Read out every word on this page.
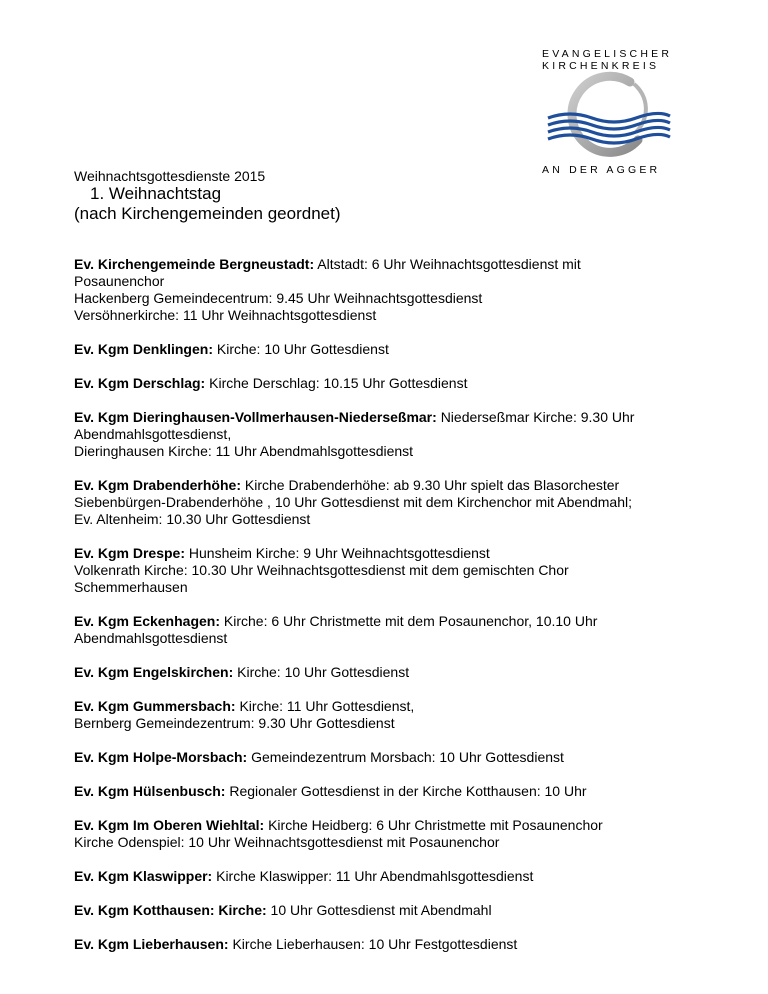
EVANGELISCHER
KIRCHENKREIS
AN DER AGGER
Weihnachtsgottesdienste 2015
1. Weihnachtstag
(nach Kirchengemeinden geordnet)
Ev. Kirchengemeinde Bergneustadt: Altstadt: 6 Uhr Weihnachtsgottesdienst mit
Posaunenchor
Hackenberg Gemeindecentrum: 9.45 Uhr Weihnachtsgottesdienst
Versöhnerkirche: 11 Uhr Weihnachtsgottesdienst
Ev. Kgm Denklingen: Kirche: 10 Uhr Gottesdienst
Ev. Kgm Derschlag: Kirche Derschlag: 10.15 Uhr Gottesdienst
Ev. Kgm Dieringhausen-Vollmerhausen-Niederseßmar: Niederseßmar Kirche: 9.30 Uhr
Abendmahlsgottesdienst,
Dieringhausen Kirche: 11 Uhr Abendmahlsgottesdienst
Ev. Kgm Drabenderhöhe: Kirche Drabenderhöhe: ab 9.30 Uhr spielt das Blasorchester
Siebenbürgen-Drabenderhöhe , 10 Uhr Gottesdienst mit dem Kirchenchor mit Abendmahl;
Ev. Altenheim: 10.30 Uhr Gottesdienst
Ev. Kgm Drespe: Hunsheim Kirche: 9 Uhr Weihnachtsgottesdienst
Volkenrath Kirche: 10.30 Uhr Weihnachtsgottesdienst mit dem gemischten Chor
Schemmerhausen
Ev. Kgm Eckenhagen: Kirche: 6 Uhr Christmette mit dem Posaunenchor, 10.10 Uhr
Abendmahlsgottesdienst
Ev. Kgm Engelskirchen: Kirche: 10 Uhr Gottesdienst
Ev. Kgm Gummersbach: Kirche: 11 Uhr Gottesdienst,
Bernberg Gemeindezentrum: 9.30 Uhr Gottesdienst
Ev. Kgm Holpe-Morsbach: Gemeindezentrum Morsbach: 10 Uhr Gottesdienst
Ev. Kgm Hülsenbusch: Regionaler Gottesdienst in der Kirche Kotthausen: 10 Uhr
Ev. Kgm Im Oberen Wiehltal: Kirche Heidberg: 6 Uhr Christmette mit Posaunenchor
Kirche Odenspiel: 10 Uhr Weihnachtsgottesdienst mit Posaunenchor
Ev. Kgm Klaswipper: Kirche Klaswipper: 11 Uhr Abendmahlsgottesdienst
Ev. Kgm Kotthausen: Kirche: 10 Uhr Gottesdienst mit Abendmahl
Ev. Kgm Lieberhausen: Kirche Lieberhausen: 10 Uhr Festgottesdienst
